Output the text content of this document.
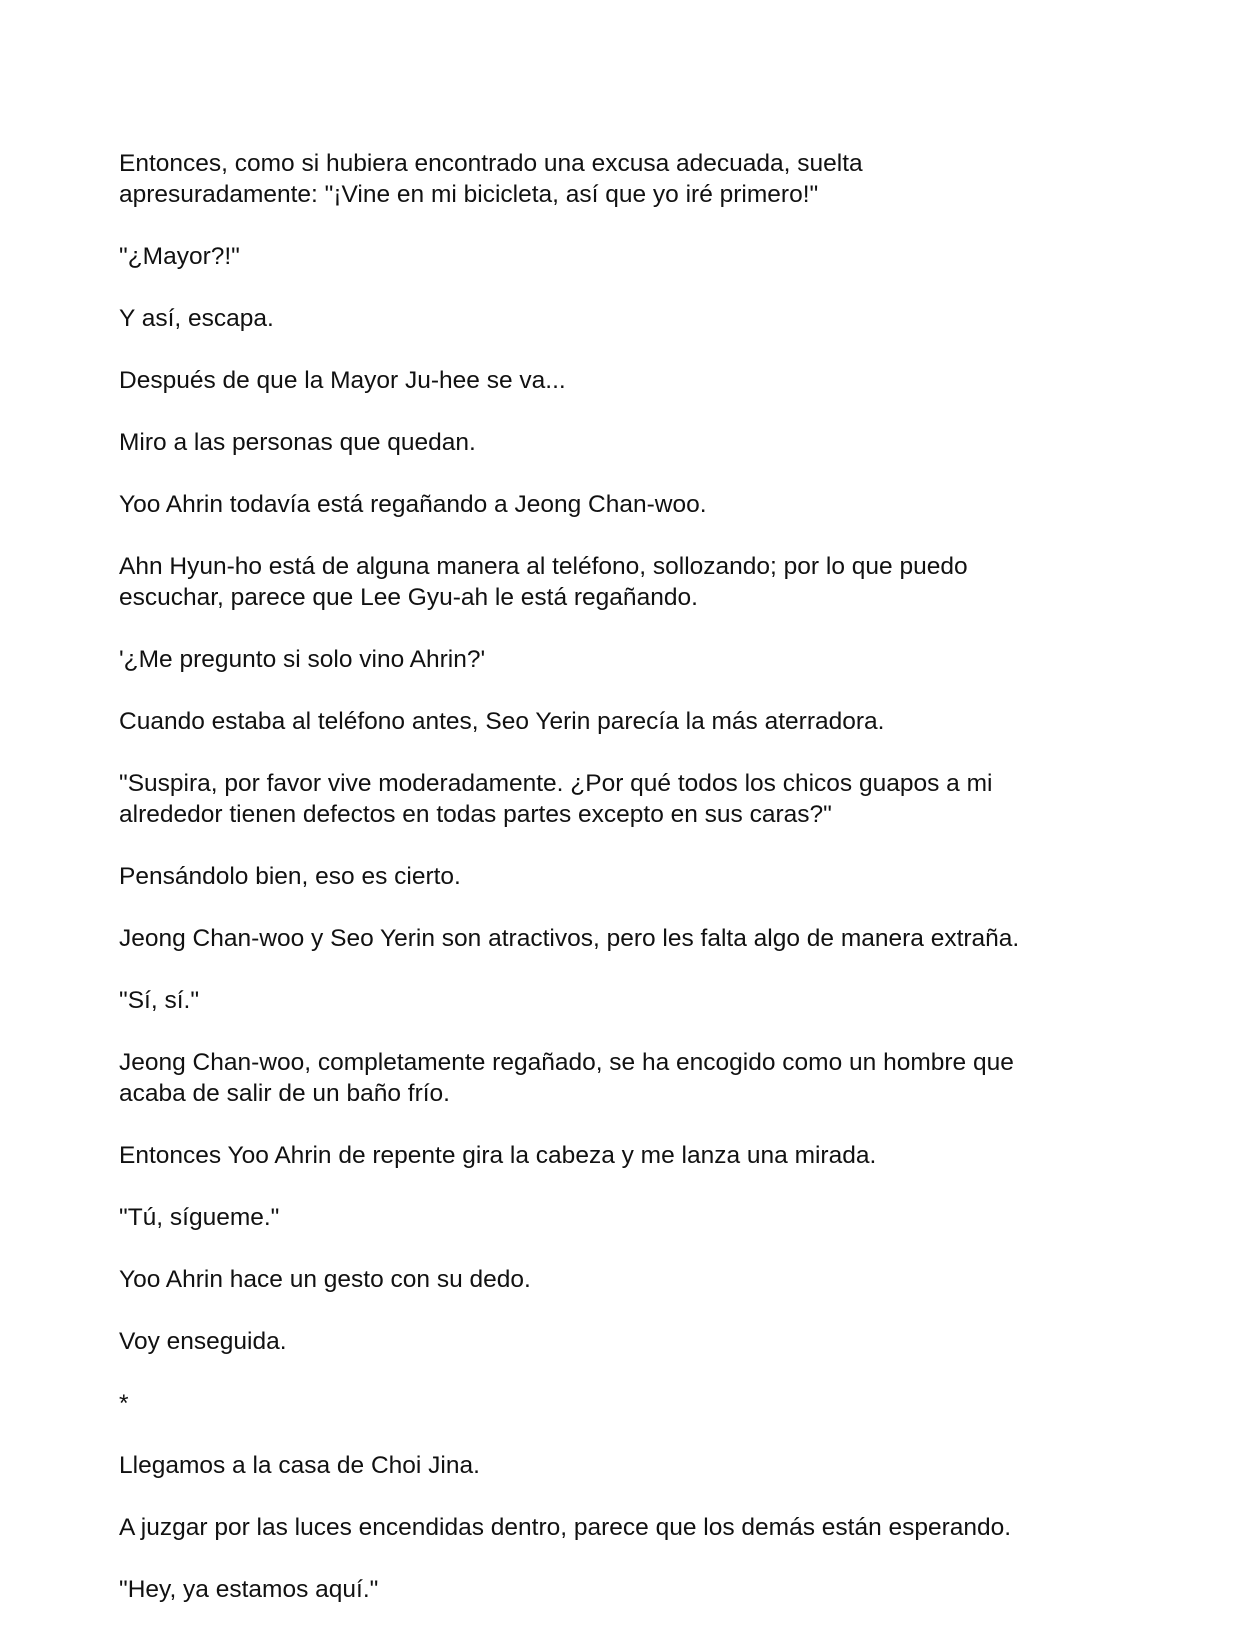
Entonces, como si hubiera encontrado una excusa adecuada, suelta
apresuradamente: "¡Vine en mi bicicleta, así que yo iré primero!"

"¿Mayor?!"

Y así, escapa.

Después de que la Mayor Ju-hee se va...

Miro a las personas que quedan.

Yoo Ahrin todavía está regañando a Jeong Chan-woo.

Ahn Hyun-ho está de alguna manera al teléfono, sollozando; por lo que puedo
escuchar, parece que Lee Gyu-ah le está regañando.

'¿Me pregunto si solo vino Ahrin?'

Cuando estaba al teléfono antes, Seo Yerin parecía la más aterradora.

"Suspira, por favor vive moderadamente. ¿Por qué todos los chicos guapos a mi
alrededor tienen defectos en todas partes excepto en sus caras?"

Pensándolo bien, eso es cierto.

Jeong Chan-woo y Seo Yerin son atractivos, pero les falta algo de manera extraña.

"Sí, sí."

Jeong Chan-woo, completamente regañado, se ha encogido como un hombre que
acaba de salir de un baño frío.

Entonces Yoo Ahrin de repente gira la cabeza y me lanza una mirada.

"Tú, sígueme."

Yoo Ahrin hace un gesto con su dedo.

Voy enseguida.

*

Llegamos a la casa de Choi Jina.

A juzgar por las luces encendidas dentro, parece que los demás están esperando.

"Hey, ya estamos aquí."
